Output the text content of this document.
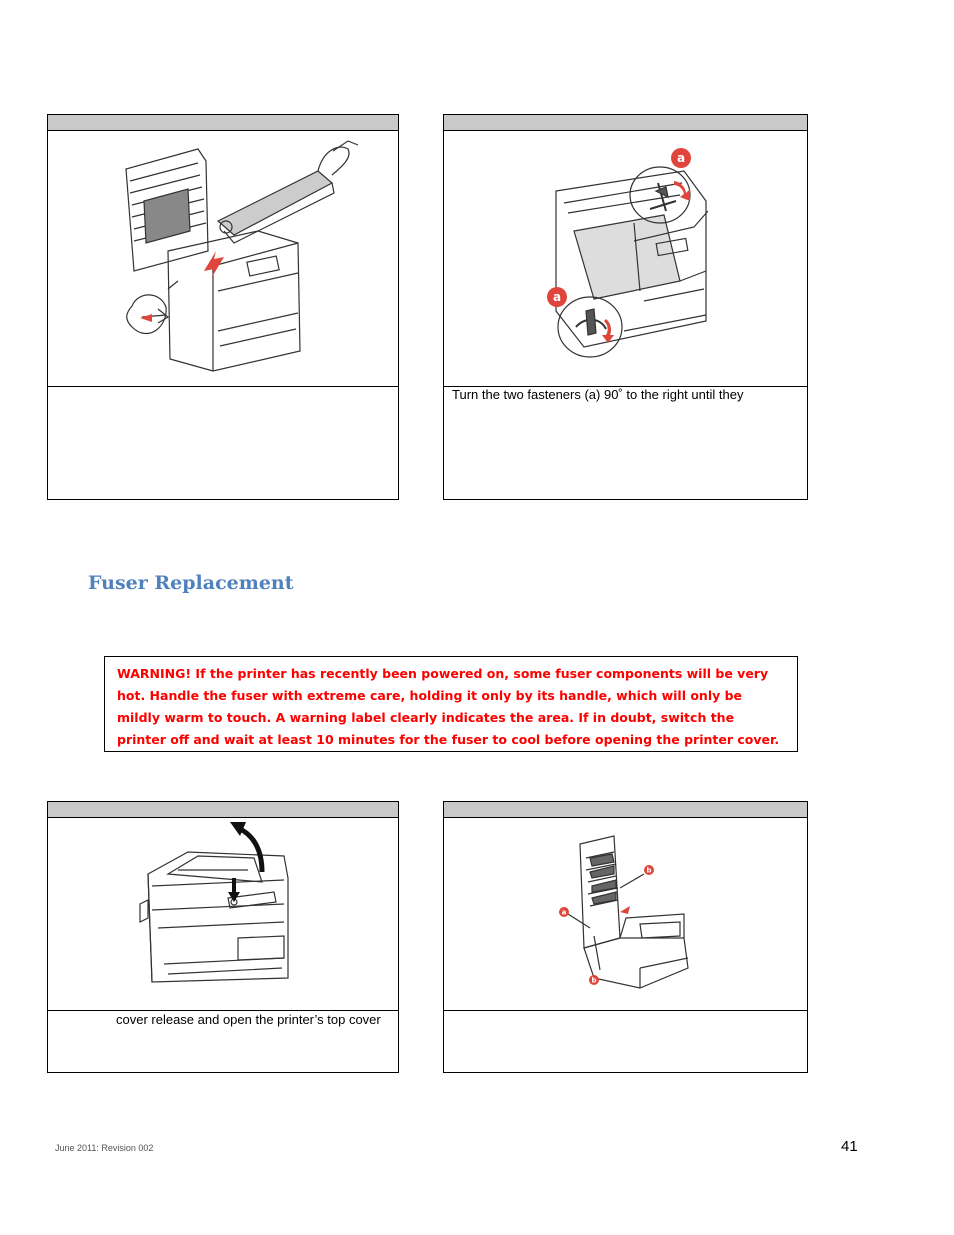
a
a
Turn the two fasteners (a) 90˚ to the right until they
Fuser Replacement
WARNING! If the printer has recently been powered on, some fuser components will be very hot. Handle the fuser with extreme care, holding it only by its handle, which will only be mildly warm to touch. A warning label clearly indicates the area. If in doubt, switch the printer off and wait at least 10 minutes for the fuser to cool before opening the printer cover.
cover release and open the printer’s top cover
a
b
b
June 2011: Revision 002	41
